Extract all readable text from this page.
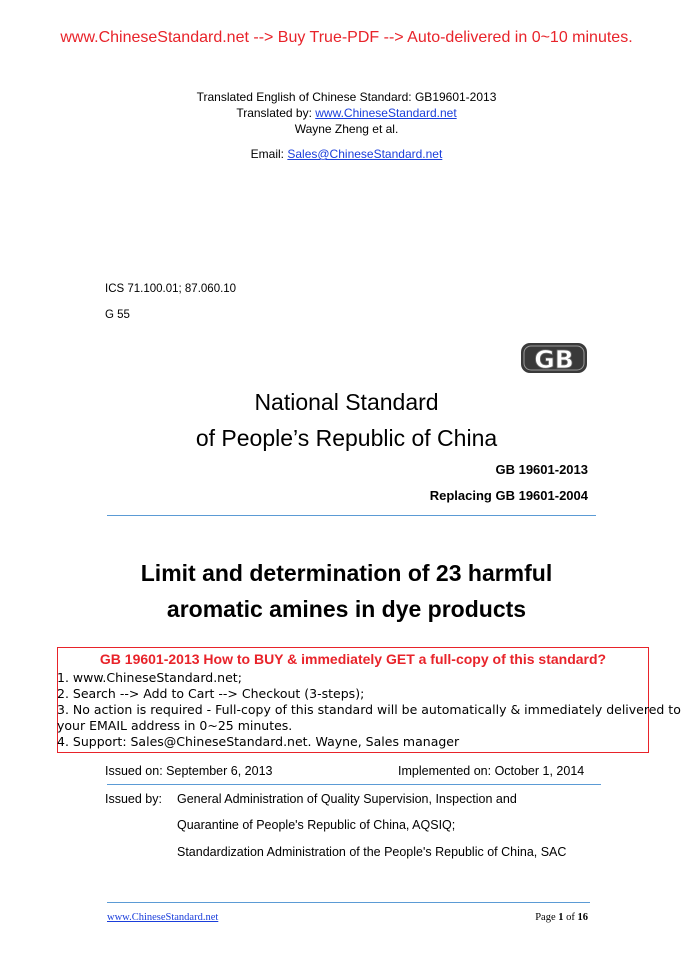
www.ChineseStandard.net --> Buy True-PDF --> Auto-delivered in 0~10 minutes.
Translated English of Chinese Standard: GB19601-2013
Translated by: www.ChineseStandard.net
Wayne Zheng et al.
Email: Sales@ChineseStandard.net
ICS 71.100.01; 87.060.10
G 55
GB
National Standard
of People’s Republic of China
GB 19601-2013
Replacing GB 19601-2004
Limit and determination of 23 harmful
aromatic amines in dye products
GB 19601-2013 How to BUY & immediately GET a full-copy of this standard?
1. www.ChineseStandard.net;
2. Search --> Add to Cart --> Checkout (3-steps);
3. No action is required - Full-copy of this standard will be automatically & immediately delivered to
your EMAIL address in 0~25 minutes.
4. Support: Sales@ChineseStandard.net. Wayne, Sales manager
Issued on: September 6, 2013	Implemented on: October 1, 2014
Issued by: General Administration of Quality Supervision, Inspection and
Quarantine of People's Republic of China, AQSIQ;
Standardization Administration of the People's Republic of China, SAC
www.ChineseStandard.net	Page 1 of 16
